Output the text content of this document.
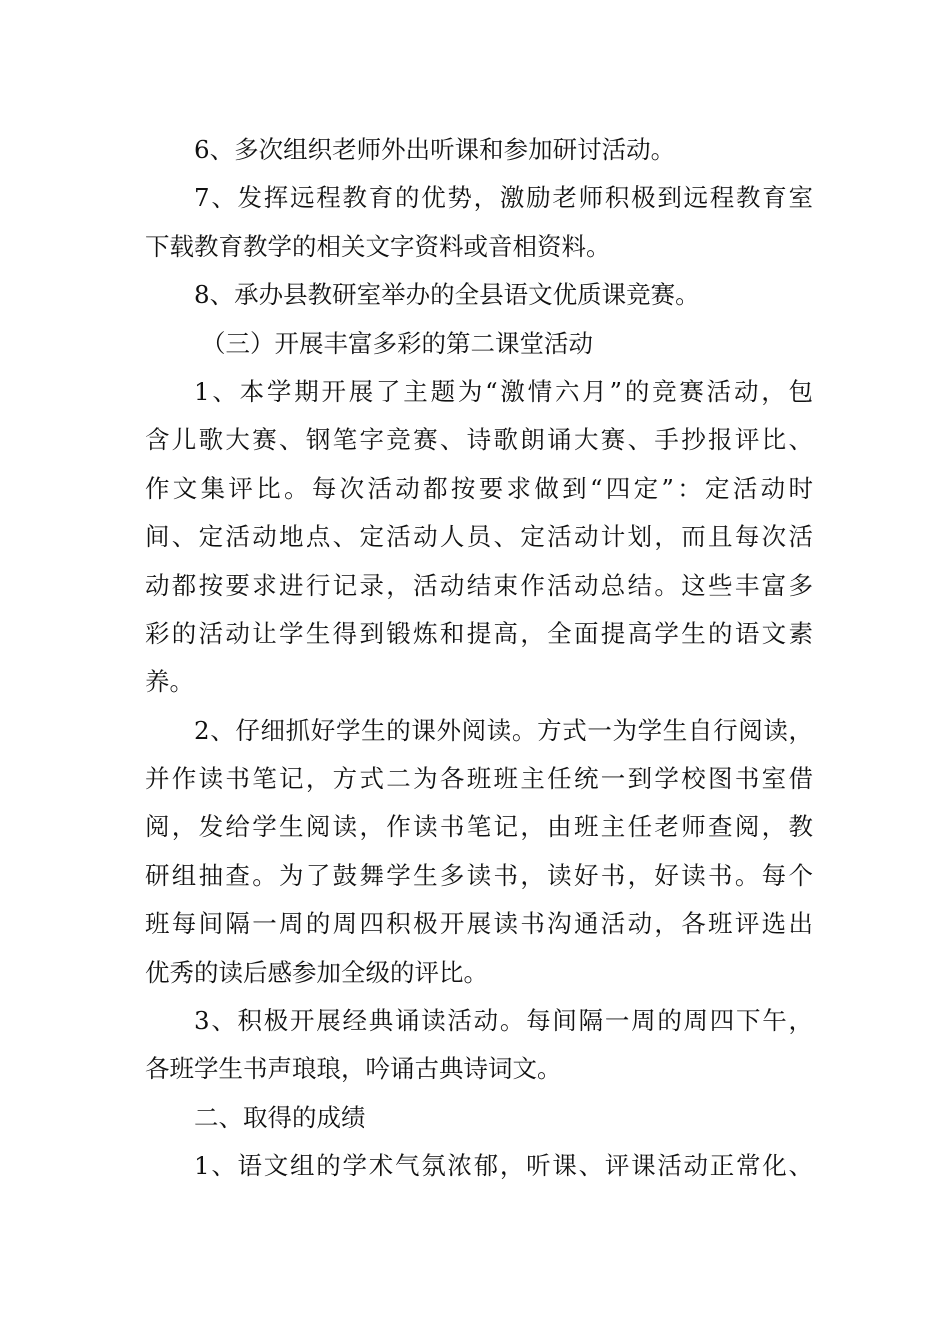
6、多次组织老师外出听课和参加研讨活动。
7、发挥远程教育的优势，激励老师积极到远程教育室
下载教育教学的相关文字资料或音相资料。
8、承办县教研室举办的全县语文优质课竞赛。
（三）开展丰富多彩的第二课堂活动
1、本学期开展了主题为“激情六月”的竞赛活动，包
含儿歌大赛、钢笔字竞赛、诗歌朗诵大赛、手抄报评比、
作文集评比。每次活动都按要求做到“四定”：定活动时
间、定活动地点、定活动人员、定活动计划，而且每次活
动都按要求进行记录，活动结束作活动总结。这些丰富多
彩的活动让学生得到锻炼和提高，全面提高学生的语文素
养。
2、仔细抓好学生的课外阅读。方式一为学生自行阅读，
并作读书笔记，方式二为各班班主任统一到学校图书室借
阅，发给学生阅读，作读书笔记，由班主任老师查阅，教
研组抽查。为了鼓舞学生多读书，读好书，好读书。每个
班每间隔一周的周四积极开展读书沟通活动，各班评选出
优秀的读后感参加全级的评比。
3、积极开展经典诵读活动。每间隔一周的周四下午，
各班学生书声琅琅，吟诵古典诗词文。
二、取得的成绩
1、语文组的学术气氛浓郁，听课、评课活动正常化、
